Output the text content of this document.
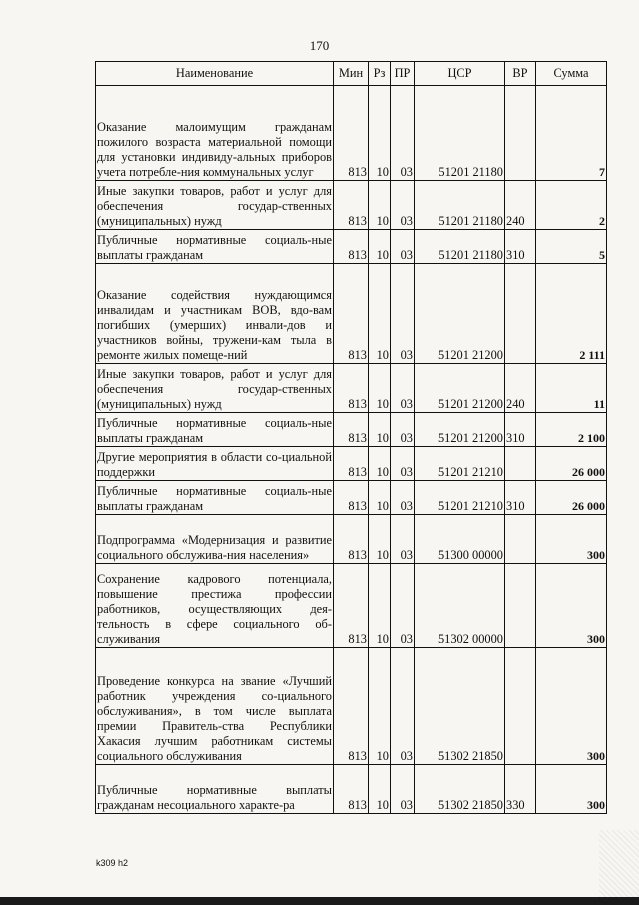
170
Наименование	Мин	Рз	ПР	ЦСР	ВР	Сумма
Оказание малоимущим гражданам пожилого возраста материальной помощи для установки индивиду-альных приборов учета потребле-ния коммунальных услуг	813	10	03	51201 21180		7
Иные закупки товаров, работ и услуг для обеспечения государ-ственных (муниципальных) нужд	813	10	03	51201 21180	240	2
Публичные нормативные социаль-ные выплаты гражданам	813	10	03	51201 21180	310	5
Оказание содействия нуждающимся инвалидам и участникам ВОВ, вдо-вам погибших (умерших) инвали-дов и участников войны, тружени-кам тыла в ремонте жилых помеще-ний	813	10	03	51201 21200		2 111
Иные закупки товаров, работ и услуг для обеспечения государ-ственных (муниципальных) нужд	813	10	03	51201 21200	240	11
Публичные нормативные социаль-ные выплаты гражданам	813	10	03	51201 21200	310	2 100
Другие мероприятия в области со-циальной поддержки	813	10	03	51201 21210		26 000
Публичные нормативные социаль-ные выплаты гражданам	813	10	03	51201 21210	310	26 000
Подпрограмма «Модернизация и развитие социального обслужива-ния населения»	813	10	03	51300 00000		300
Сохранение кадрового потенциала, повышение престижа профессии работников, осуществляющих дея-тельность в сфере социального об-служивания	813	10	03	51302 00000		300
Проведение конкурса на звание «Лучший работник учреждения со-циального обслуживания», в том числе выплата премии Правитель-ства Республики Хакасия лучшим работникам системы социального обслуживания	813	10	03	51302 21850		300
Публичные нормативные выплаты гражданам несоциального характе-ра	813	10	03	51302 21850	330	300
k309 h2
